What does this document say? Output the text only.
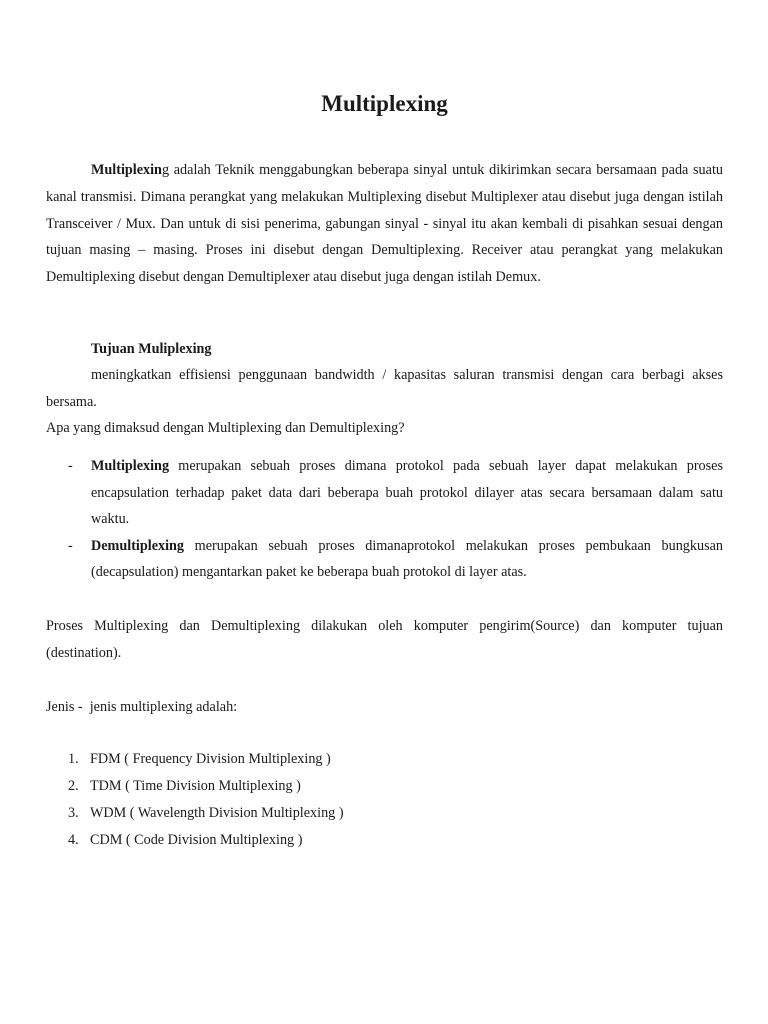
Multiplexing

Multiplexing adalah Teknik menggabungkan beberapa sinyal untuk dikirimkan secara bersamaan pada suatu kanal transmisi. Dimana perangkat yang melakukan Multiplexing disebut Multiplexer atau disebut juga dengan istilah Transceiver / Mux. Dan untuk di sisi penerima, gabungan sinyal - sinyal itu akan kembali di pisahkan sesuai dengan tujuan masing – masing. Proses ini disebut dengan Demultiplexing. Receiver atau perangkat yang melakukan Demultiplexing disebut dengan Demultiplexer atau disebut juga dengan istilah Demux.

Tujuan Muliplexing

meningkatkan effisiensi penggunaan bandwidth / kapasitas saluran transmisi dengan cara berbagi akses bersama.

Apa yang dimaksud dengan Multiplexing dan Demultiplexing?

- Multiplexing merupakan sebuah proses dimana protokol pada sebuah layer dapat melakukan proses encapsulation terhadap paket data dari beberapa buah protokol dilayer atas secara bersamaan dalam satu waktu.
- Demultiplexing merupakan sebuah proses dimanaprotokol melakukan proses pembukaan bungkusan (decapsulation) mengantarkan paket ke beberapa buah protokol di layer atas.

Proses Multiplexing dan Demultiplexing dilakukan oleh komputer pengirim(Source) dan komputer tujuan (destination).

Jenis -  jenis multiplexing adalah:

1. FDM ( Frequency Division Multiplexing )
2. TDM ( Time Division Multiplexing )
3. WDM ( Wavelength Division Multiplexing )
4. CDM ( Code Division Multiplexing )
